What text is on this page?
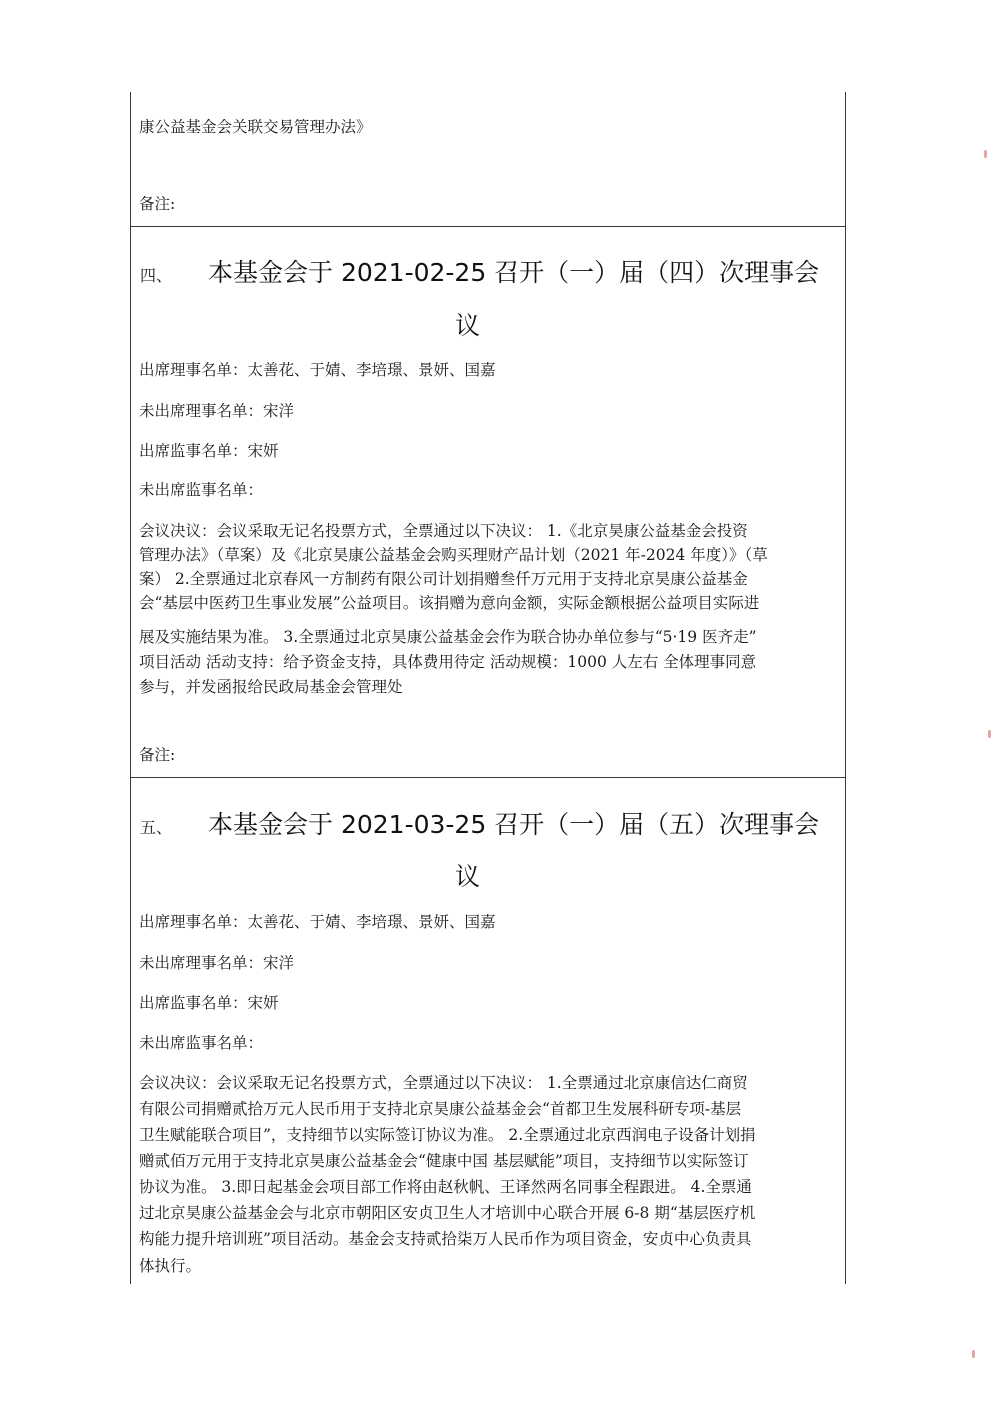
康公益基金会关联交易管理办法》
备注:
四、 本基金会于 2021-02-25 召开（一）届（四）次理事会
议
出席理事名单：太善花、于婧、李培璟、景妍、国嘉
未出席理事名单：宋洋
出席监事名单：宋妍
未出席监事名单：
会议决议：会议采取无记名投票方式，全票通过以下决议： 1.《北京昊康公益基金会投资
管理办法》（草案）及《北京昊康公益基金会购买理财产品计划（2021 年-2024 年度）》（草
案） 2.全票通过北京春风一方制药有限公司计划捐赠叁仟万元用于支持北京昊康公益基金
会“基层中医药卫生事业发展”公益项目。该捐赠为意向金额，实际金额根据公益项目实际进
展及实施结果为准。 3.全票通过北京昊康公益基金会作为联合协办单位参与“5·19 医齐走”
项目活动 活动支持：给予资金支持，具体费用待定 活动规模：1000 人左右 全体理事同意
参与，并发函报给民政局基金会管理处
备注:
五、 本基金会于 2021-03-25 召开（一）届（五）次理事会
议
出席理事名单：太善花、于婧、李培璟、景妍、国嘉
未出席理事名单：宋洋
出席监事名单：宋妍
未出席监事名单：
会议决议：会议采取无记名投票方式，全票通过以下决议： 1.全票通过北京康信达仁商贸
有限公司捐赠贰拾万元人民币用于支持北京昊康公益基金会“首都卫生发展科研专项-基层
卫生赋能联合项目”，支持细节以实际签订协议为准。 2.全票通过北京西润电子设备计划捐
赠贰佰万元用于支持北京昊康公益基金会“健康中国 基层赋能”项目，支持细节以实际签订
协议为准。 3.即日起基金会项目部工作将由赵秋帆、王译然两名同事全程跟进。 4.全票通
过北京昊康公益基金会与北京市朝阳区安贞卫生人才培训中心联合开展 6-8 期“基层医疗机
构能力提升培训班”项目活动。基金会支持贰拾柒万人民币作为项目资金，安贞中心负责具
体执行。
